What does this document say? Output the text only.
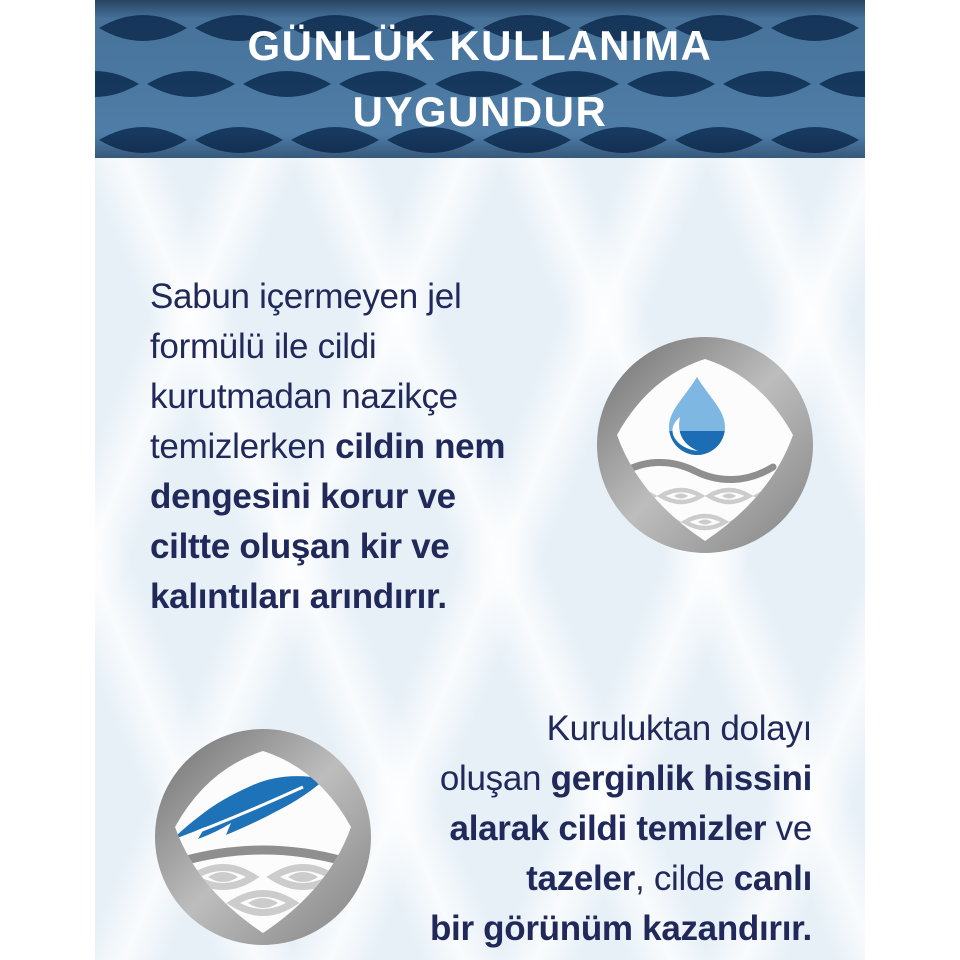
GÜNLÜK KULLANIMA
UYGUNDUR
Sabun içermeyen jel
formülü ile cildi
kurutmadan nazikçe
temizlerken cildin nem
dengesini korur ve
ciltte oluşan kir ve
kalıntıları arındırır.
Kuruluktan dolayı
oluşan gerginlik hissini
alarak cildi temizler ve
tazeler, cilde canlı
bir görünüm kazandırır.
